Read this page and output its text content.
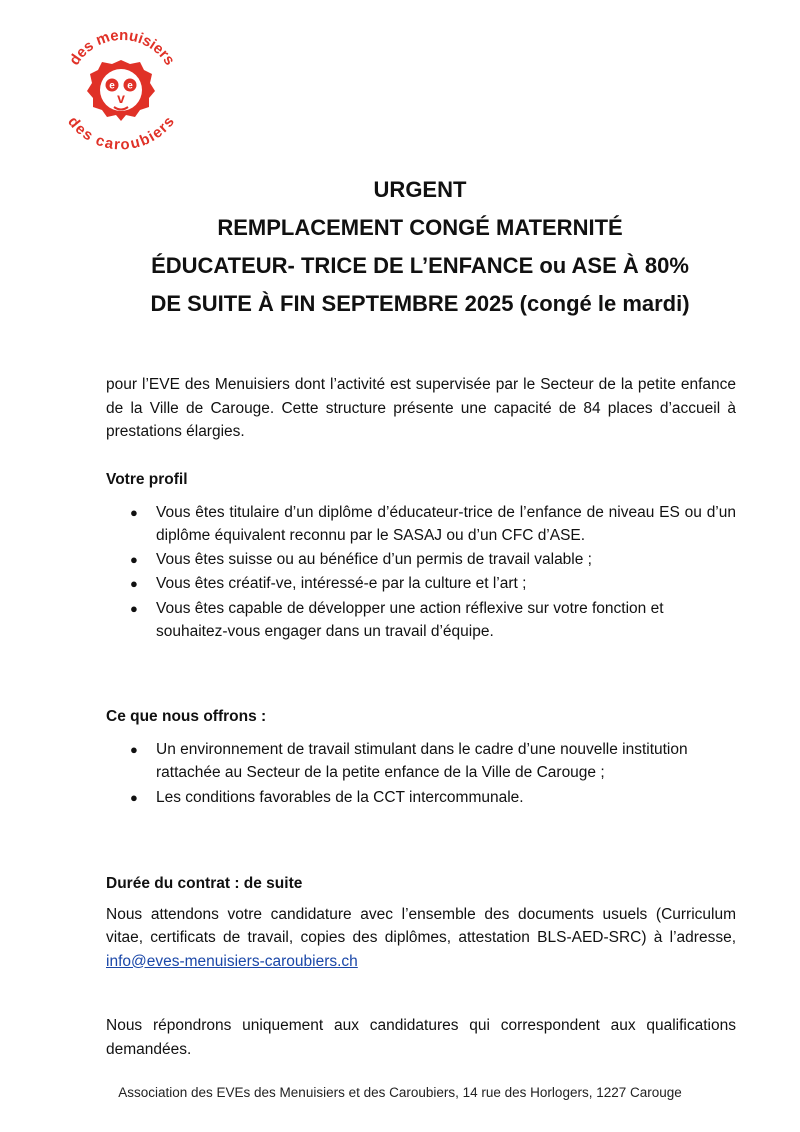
des menuisiers
des caroubiers
e e
v
URGENT
REMPLACEMENT CONGÉ MATERNITÉ
ÉDUCATEUR- TRICE DE L’ENFANCE ou ASE À 80%
DE SUITE À FIN SEPTEMBRE 2025 (congé le mardi)

pour l’EVE des Menuisiers dont l’activité est supervisée par le Secteur de la petite enfance de la Ville de Carouge. Cette structure présente une capacité de 84 places d’accueil à prestations élargies.

Votre profil

● Vous êtes titulaire d’un diplôme d’éducateur-trice de l’enfance de niveau ES ou d’un diplôme équivalent reconnu par le SASAJ ou d’un CFC d’ASE.
● Vous êtes suisse ou au bénéfice d’un permis de travail valable ;
● Vous êtes créatif-ve, intéressé-e par la culture et l’art ;
● Vous êtes capable de développer une action réflexive sur votre fonction et souhaitez-vous engager dans un travail d’équipe.

Ce que nous offrons :

● Un environnement de travail stimulant dans le cadre d’une nouvelle institution rattachée au Secteur de la petite enfance de la Ville de Carouge ;
● Les conditions favorables de la CCT intercommunale.

Durée du contrat : de suite

Nous attendons votre candidature avec l’ensemble des documents usuels (Curriculum vitae, certificats de travail, copies des diplômes, attestation BLS-AED-SRC) à l’adresse, info@eves-menuisiers-caroubiers.ch

Nous répondrons uniquement aux candidatures qui correspondent aux qualifications demandées.

Association des EVEs des Menuisiers et des Caroubiers, 14 rue des Horlogers, 1227 Carouge
